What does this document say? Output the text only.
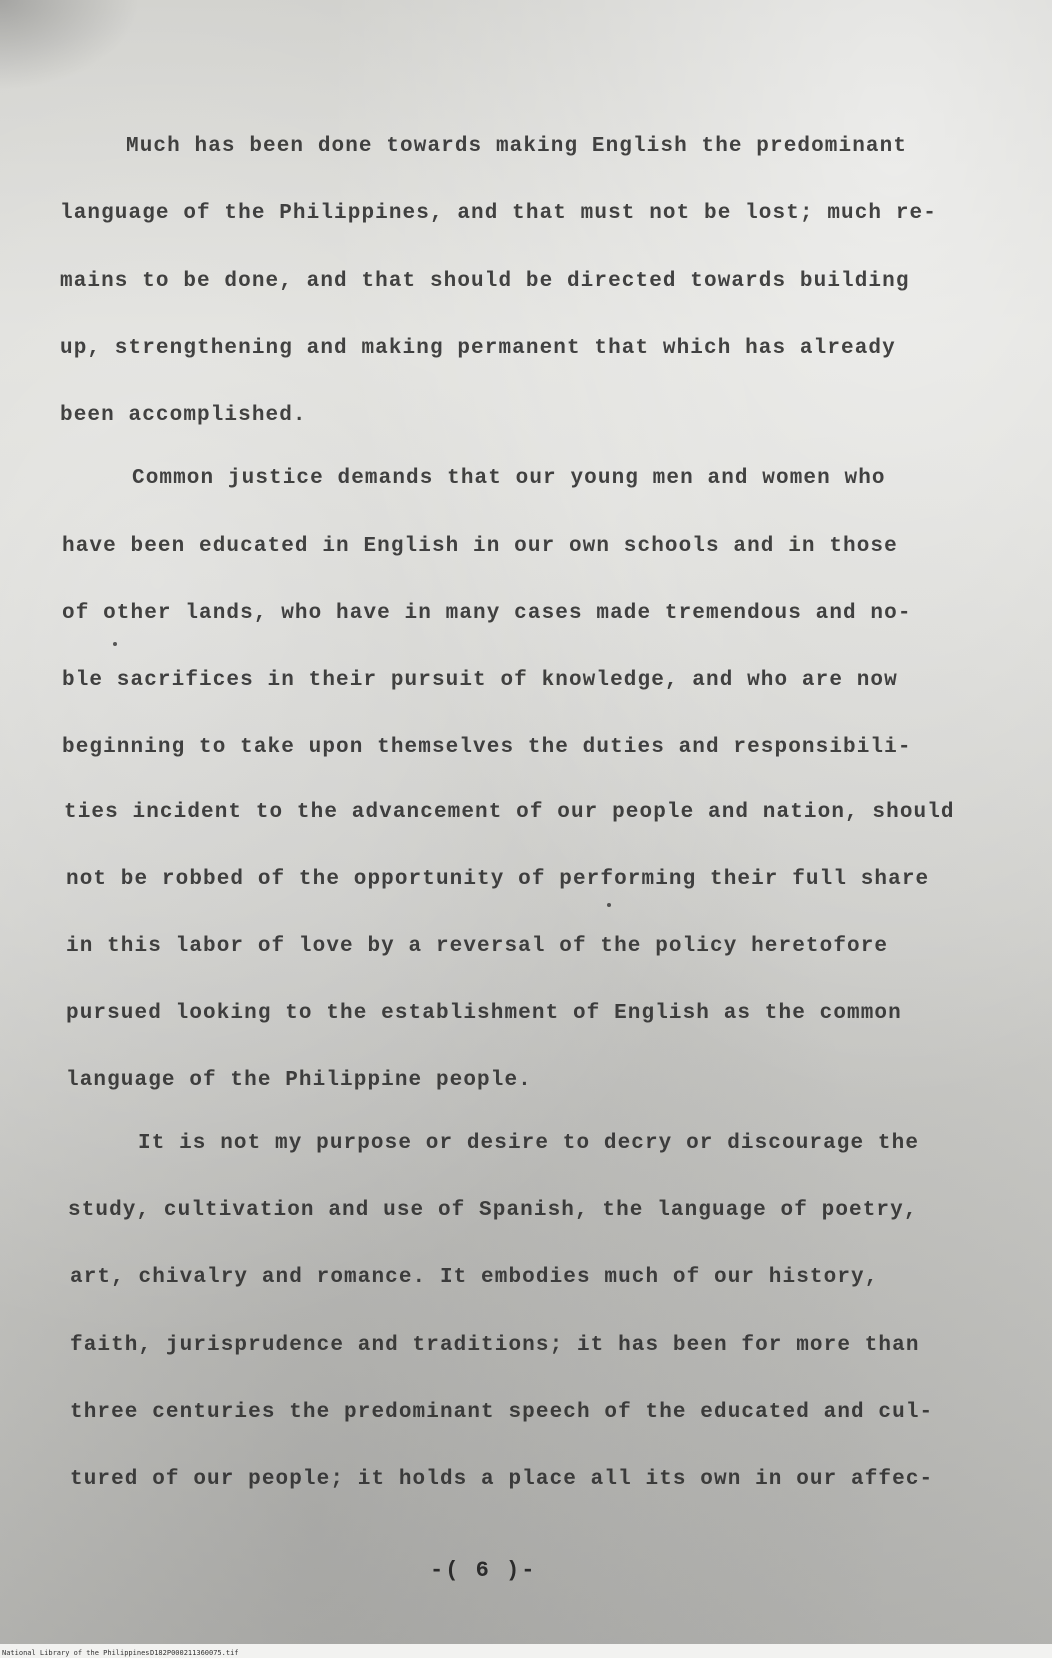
Much has been done towards making English the predominant
language of the Philippines, and that must not be lost; much re-
mains to be done, and that should be directed towards building
up, strengthening and making permanent that which has already
been accomplished.
Common justice demands that our young men and women who
have been educated in English in our own schools and in those
of other lands, who have in many cases made tremendous and no-
ble sacrifices in their pursuit of knowledge, and who are now
beginning to take upon themselves the duties and responsibili-
ties incident to the advancement of our people and nation, should
not be robbed of the opportunity of performing their full share
in this labor of love by a reversal of the policy heretofore
pursued looking to the establishment of English as the common
language of the Philippine people.
It is not my purpose or desire to decry or discourage the
study, cultivation and use of Spanish, the language of poetry,
art, chivalry and romance. It embodies much of our history,
faith, jurisprudence and traditions; it has been for more than
three centuries the predominant speech of the educated and cul-
tured of our people; it holds a place all its own in our affec-
-( 6 )-
National Library of the Philippines D182P000211360075.tif
